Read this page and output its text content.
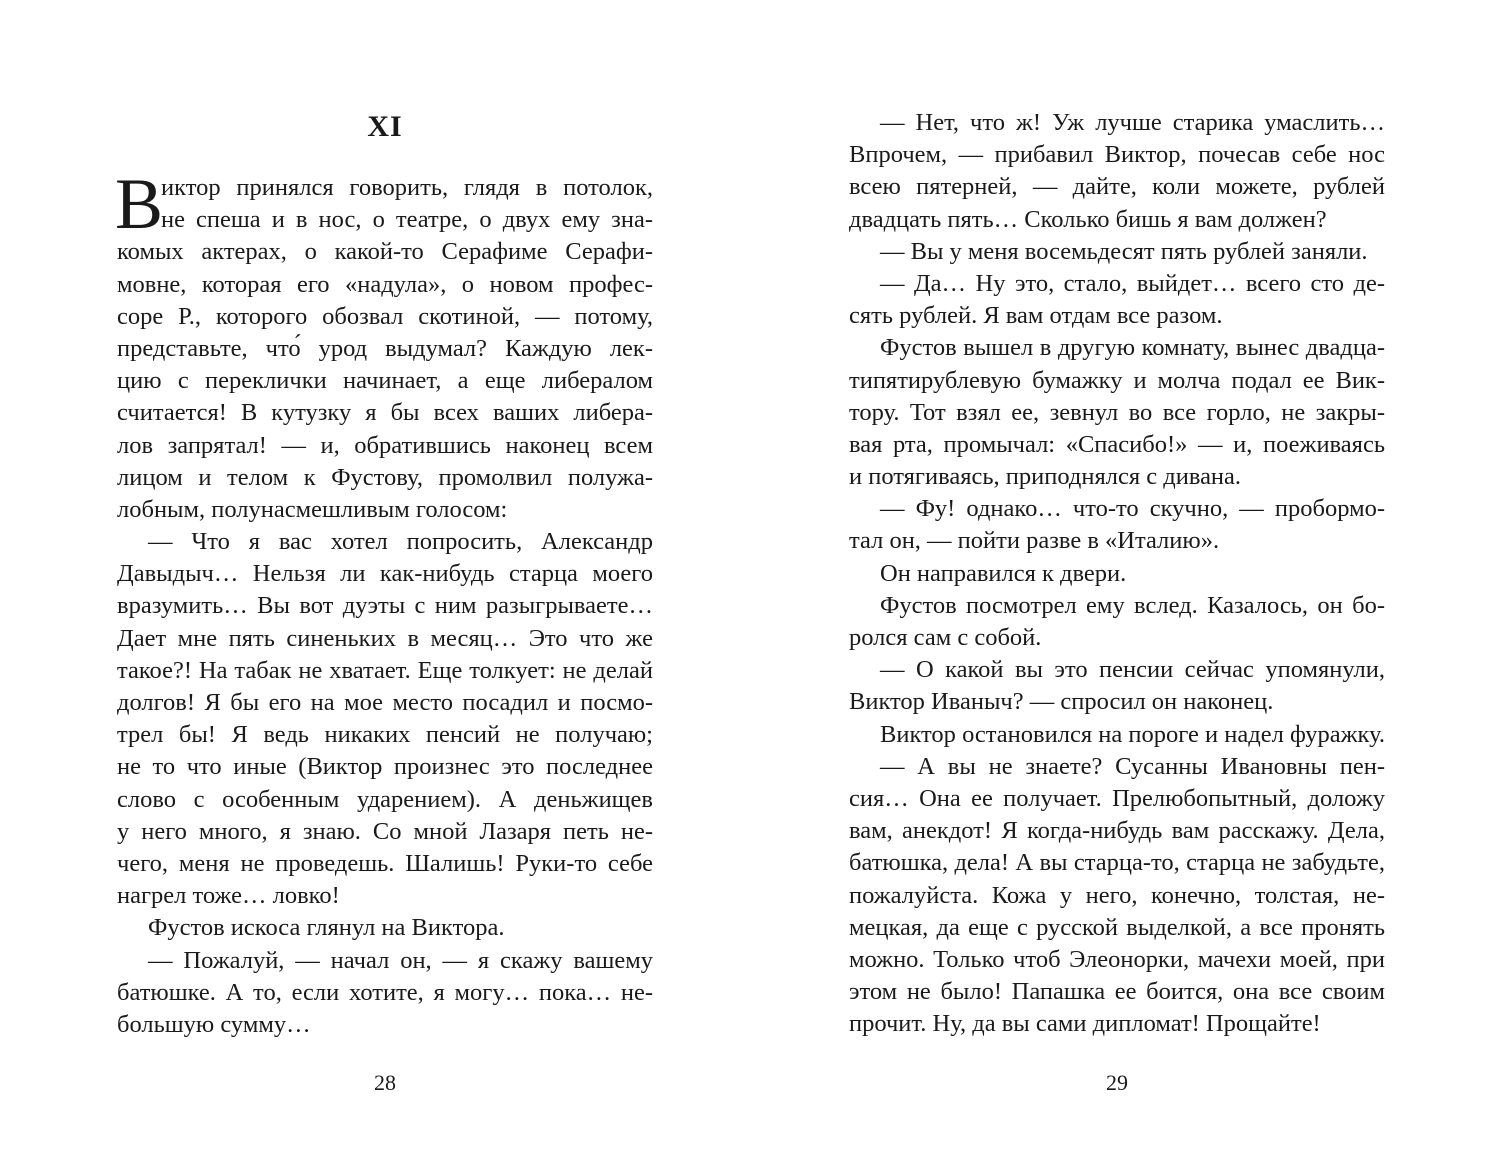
XI
В
иктор принялся говорить, глядя в потолок,
не спеша и в нос, о театре, о двух ему зна-
комых актерах, о какой-то Серафиме Серафи-
мовне, которая его «надула», о новом профес-
соре Р., которого обозвал скотиной, — потому,
представьте, что́ урод выдумал? Каждую лек-
цию с переклички начинает, а еще либералом
считается! В кутузку я бы всех ваших либера-
лов запрятал! — и, обратившись наконец всем
лицом и телом к Фустову, промолвил полужа-
лобным, полунасмешливым голосом:
— Что я вас хотел попросить, Александр
Давыдыч… Нельзя ли как-нибудь старца моего
вразумить… Вы вот дуэты с ним разыгрываете…
Дает мне пять синеньких в месяц… Это что же
такое?! На табак не хватает. Еще толкует: не делай
долгов! Я бы его на мое место посадил и посмо-
трел бы! Я ведь никаких пенсий не получаю;
не то что иные (Виктор произнес это последнее
слово с особенным ударением). А деньжищев
у него много, я знаю. Со мной Лазаря петь не-
чего, меня не проведешь. Шалишь! Руки-то себе
нагрел тоже… ловко!
Фустов искоса глянул на Виктора.
— Пожалуй, — начал он, — я скажу вашему
батюшке. А то, если хотите, я могу… пока… не-
большую сумму…
28
— Нет, что ж! Уж лучше старика умаслить…
Впрочем, — прибавил Виктор, почесав себе нос
всею пятерней, — дайте, коли можете, рублей
двадцать пять… Сколько бишь я вам должен?
— Вы у меня восемьдесят пять рублей заняли.
— Да… Ну это, стало, выйдет… всего сто де-
сять рублей. Я вам отдам все разом.
Фустов вышел в другую комнату, вынес двадца-
типятирублевую бумажку и молча подал ее Вик-
тору. Тот взял ее, зевнул во все горло, не закры-
вая рта, промычал: «Спасибо!» — и, поеживаясь
и потягиваясь, приподнялся с дивана.
— Фу! однако… что-то скучно, — пробормо-
тал он, — пойти разве в «Италию».
Он направился к двери.
Фустов посмотрел ему вслед. Казалось, он бо-
ролся сам с собой.
— О какой вы это пенсии сейчас упомянули,
Виктор Иваныч? — спросил он наконец.
Виктор остановился на пороге и надел фуражку.
— А вы не знаете? Сусанны Ивановны пен-
сия… Она ее получает. Прелюбопытный, доложу
вам, анекдот! Я когда-нибудь вам расскажу. Дела,
батюшка, дела! А вы старца-то, старца не забудьте,
пожалуйста. Кожа у него, конечно, толстая, не-
мецкая, да еще с русской выделкой, а все пронять
можно. Только чтоб Элеонорки, мачехи моей, при
этом не было! Папашка ее боится, она все своим
прочит. Ну, да вы сами дипломат! Прощайте!
29
